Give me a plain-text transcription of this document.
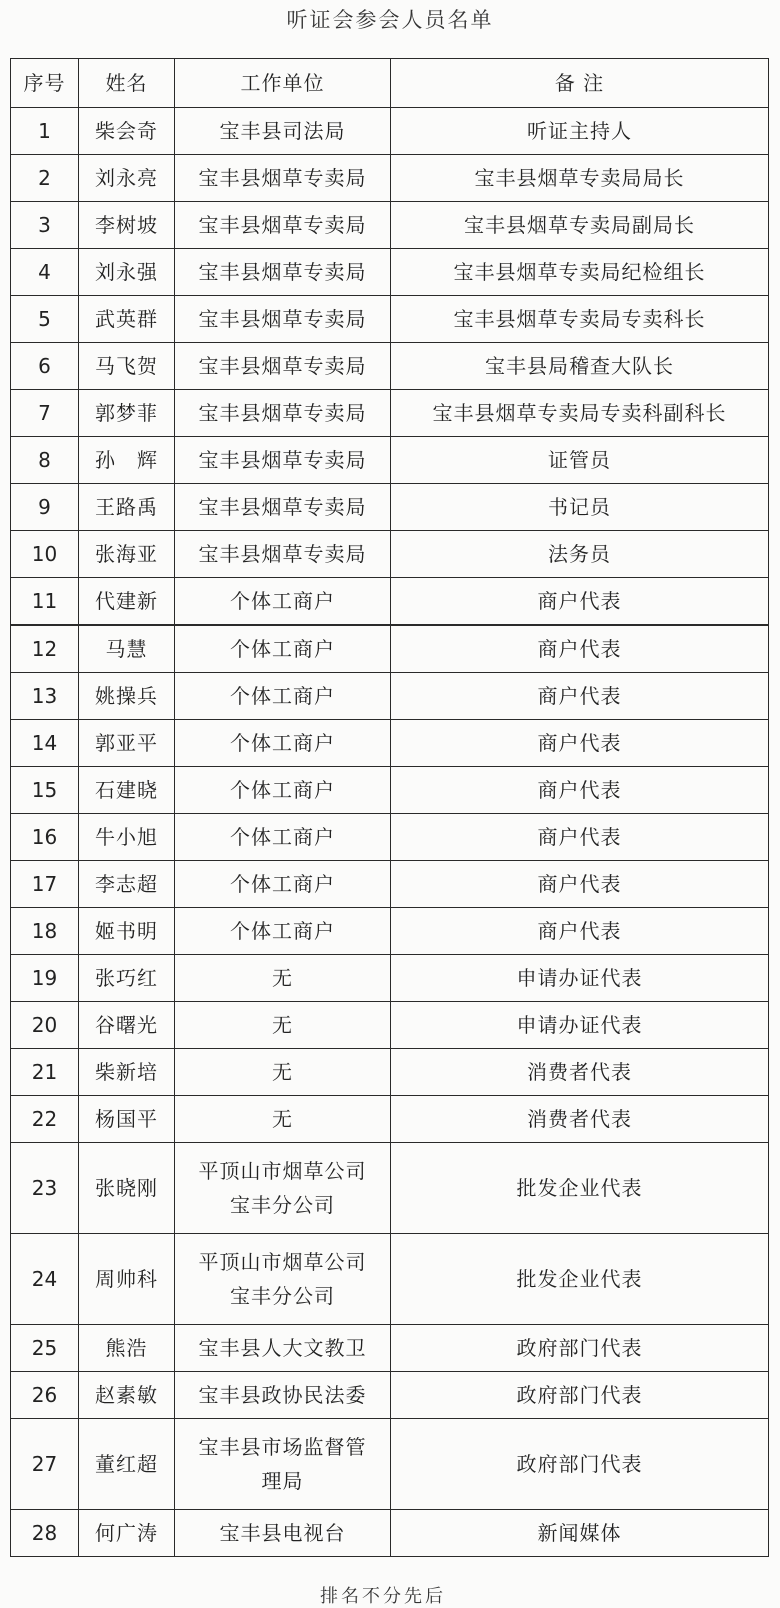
听证会参会人员名单
序号	姓名	工作单位	备 注
1	柴会奇	宝丰县司法局	听证主持人
2	刘永亮	宝丰县烟草专卖局	宝丰县烟草专卖局局长
3	李树坡	宝丰县烟草专卖局	宝丰县烟草专卖局副局长
4	刘永强	宝丰县烟草专卖局	宝丰县烟草专卖局纪检组长
5	武英群	宝丰县烟草专卖局	宝丰县烟草专卖局专卖科长
6	马飞贺	宝丰县烟草专卖局	宝丰县局稽查大队长
7	郭梦菲	宝丰县烟草专卖局	宝丰县烟草专卖局专卖科副科长
8	孙　辉	宝丰县烟草专卖局	证管员
9	王路禹	宝丰县烟草专卖局	书记员
10	张海亚	宝丰县烟草专卖局	法务员
11	代建新	个体工商户	商户代表
12	马慧	个体工商户	商户代表
13	姚操兵	个体工商户	商户代表
14	郭亚平	个体工商户	商户代表
15	石建晓	个体工商户	商户代表
16	牛小旭	个体工商户	商户代表
17	李志超	个体工商户	商户代表
18	姬书明	个体工商户	商户代表
19	张巧红	无	申请办证代表
20	谷曙光	无	申请办证代表
21	柴新培	无	消费者代表
22	杨国平	无	消费者代表
23	张晓刚	平顶山市烟草公司
宝丰分公司	批发企业代表
24	周帅科	平顶山市烟草公司
宝丰分公司	批发企业代表
25	熊浩	宝丰县人大文教卫	政府部门代表
26	赵素敏	宝丰县政协民法委	政府部门代表
27	董红超	宝丰县市场监督管
理局	政府部门代表
28	何广涛	宝丰县电视台	新闻媒体
排名不分先后
